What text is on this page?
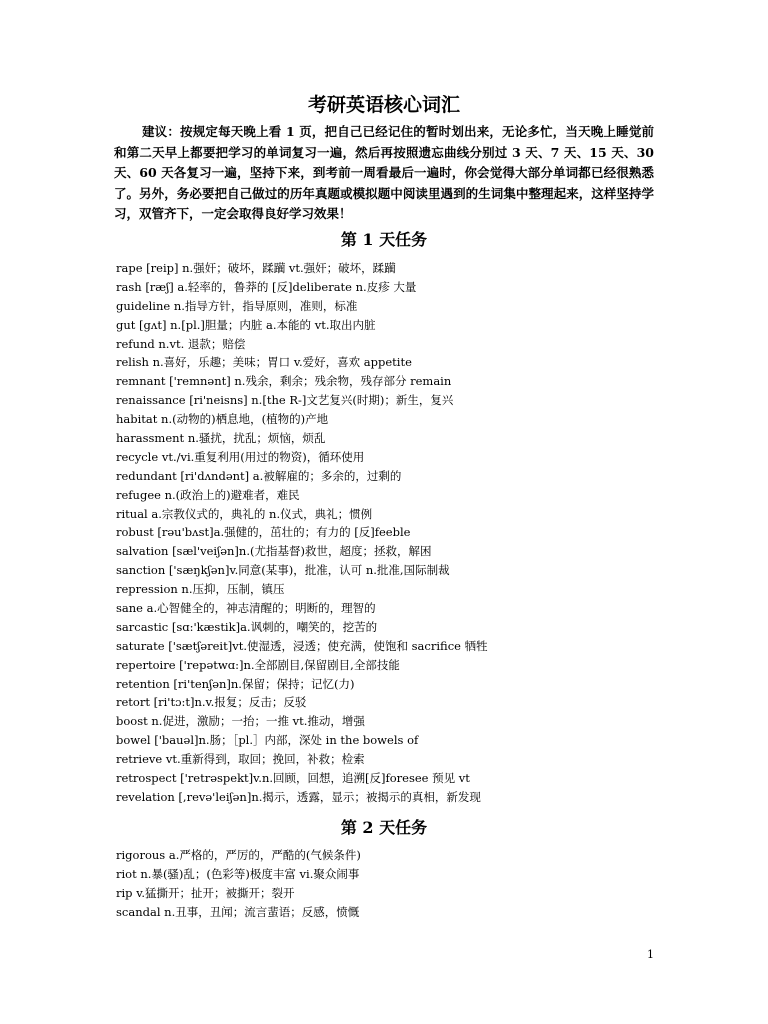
考研英语核心词汇
建议：按规定每天晚上看 1 页，把自己已经记住的暂时划出来，无论多忙，当天晚上睡觉前和第二天早上都要把学习的单词复习一遍，然后再按照遗忘曲线分别过 3 天、7 天、15 天、30 天、60 天各复习一遍，坚持下来，到考前一周看最后一遍时，你会觉得大部分单词都已经很熟悉了。另外，务必要把自己做过的历年真题或模拟题中阅读里遇到的生词集中整理起来，这样坚持学习，双管齐下，一定会取得良好学习效果！
第 1 天任务
rape [reip] n.强奸；破坏，蹂躏 vt.强奸；破坏，蹂躏
rash [ræʃ] a.轻率的，鲁莽的 [反]deliberate n.皮疹 大量
guideline n.指导方针，指导原则，准则，标准
gut [gʌt] n.[pl.]胆量；内脏 a.本能的 vt.取出内脏
refund n.vt. 退款；赔偿
relish n.喜好，乐趣；美味；胃口 v.爱好，喜欢 appetite
remnant ['remnənt] n.残余，剩余；残余物，残存部分 remain
renaissance [ri'neisns] n.[the R-]文艺复兴(时期)；新生，复兴
habitat n.(动物的)栖息地，(植物的)产地
harassment n.骚扰，扰乱；烦恼，烦乱
recycle vt./vi.重复利用(用过的物资)，循环使用
redundant [ri'dʌndənt] a.被解雇的；多余的，过剩的
refugee n.(政治上的)避难者，难民
ritual a.宗教仪式的，典礼的 n.仪式，典礼；惯例
robust [rəu'bʌst]a.强健的，茁壮的；有力的 [反]feeble
salvation [sæl'veiʃən]n.(尤指基督)救世，超度；拯救，解困
sanction ['sæŋkʃən]v.同意(某事)，批准，认可 n.批准,国际制裁
repression n.压抑，压制，镇压
sane a.心智健全的，神志清醒的；明断的，理智的
sarcastic [sɑ:'kæstik]a.讽刺的，嘲笑的，挖苦的
saturate ['sætʃəreit]vt.使湿透，浸透；使充满，使饱和 sacrifice 牺牲
repertoire ['repətwɑ:]n.全部剧目,保留剧目,全部技能
retention [ri'tenʃən]n.保留；保持；记忆(力)
retort [ri'tɔ:t]n.v.报复；反击；反驳
boost n.促进，激励；一抬；一推 vt.推动，增强
bowel ['bauəl]n.肠；［pl.］内部，深处 in the bowels of
retrieve vt.重新得到，取回；挽回，补救；检索
retrospect ['retrəspekt]v.n.回顾，回想，追溯[反]foresee 预见 vt
revelation [,revə'leiʃən]n.揭示，透露，显示；被揭示的真相，新发现
第 2 天任务
rigorous a.严格的，严厉的，严酷的(气候条件)
riot n.暴(骚)乱；(色彩等)极度丰富 vi.聚众闹事
rip v.猛撕开；扯开；被撕开；裂开
scandal n.丑事，丑闻；流言蜚语；反感，愤慨
1
